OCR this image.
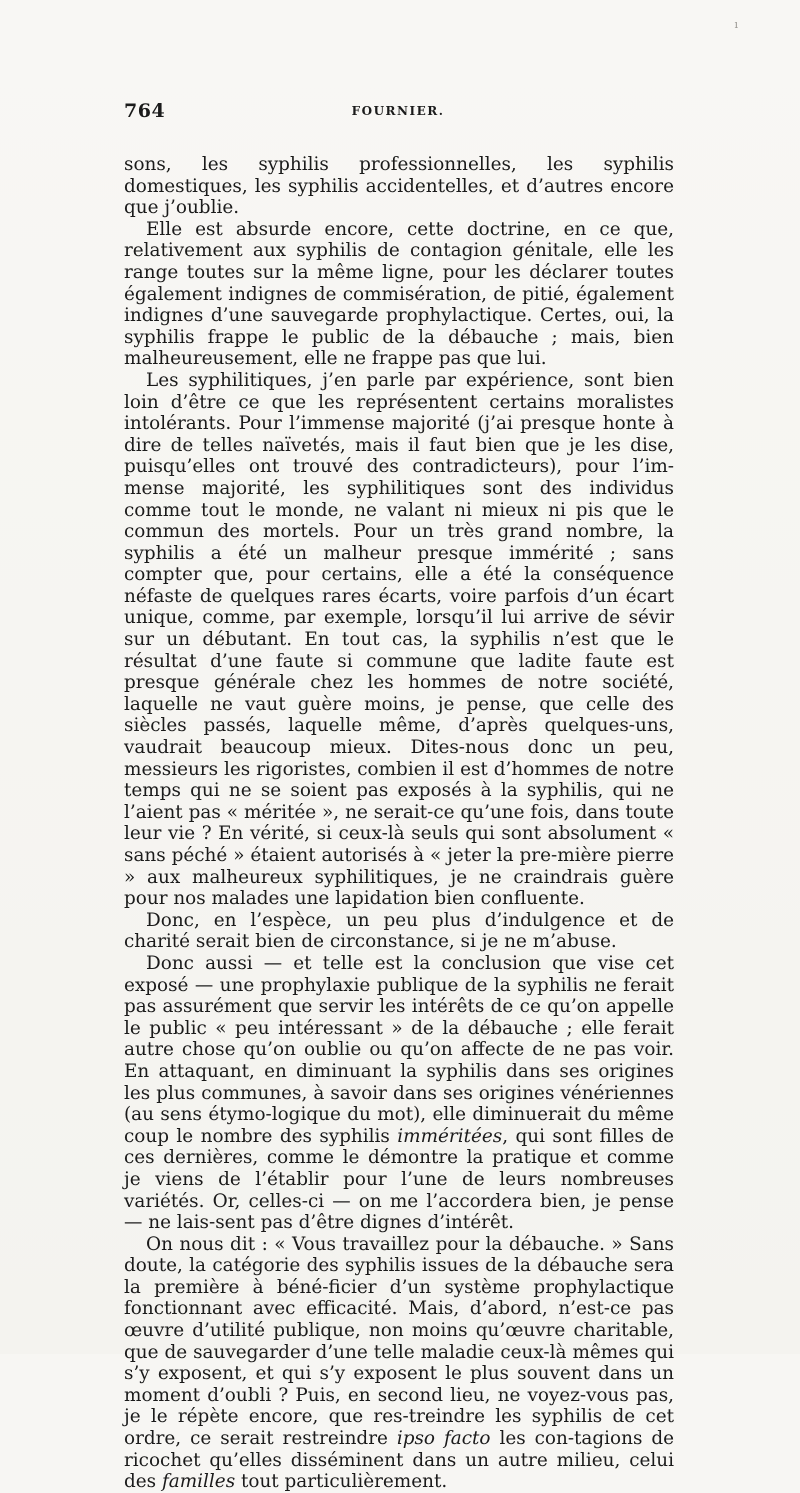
ı
764	FOURNIER.

sons, les syphilis professionnelles, les syphilis domestiques, les syphilis accidentelles, et d’autres encore que j’oublie.

Elle est absurde encore, cette doctrine, en ce que, relativement aux syphilis de contagion génitale, elle les range toutes sur la même ligne, pour les déclarer toutes également indignes de commisération, de pitié, également indignes d’une sauvegarde prophylactique. Certes, oui, la syphilis frappe le public de la débauche ; mais, bien malheureusement, elle ne frappe pas que lui.

Les syphilitiques, j’en parle par expérience, sont bien loin d’être ce que les représentent certains moralistes intolérants. Pour l’immense majorité (j’ai presque honte à dire de telles naïvetés, mais il faut bien que je les dise, puisqu’elles ont trouvé des contradicteurs), pour l’im-mense majorité, les syphilitiques sont des individus comme tout le monde, ne valant ni mieux ni pis que le commun des mortels. Pour un très grand nombre, la syphilis a été un malheur presque immérité ; sans compter que, pour certains, elle a été la conséquence néfaste de quelques rares écarts, voire parfois d’un écart unique, comme, par exemple, lorsqu’il lui arrive de sévir sur un débutant. En tout cas, la syphilis n’est que le résultat d’une faute si commune que ladite faute est presque générale chez les hommes de notre société, laquelle ne vaut guère moins, je pense, que celle des siècles passés, laquelle même, d’après quelques-uns, vaudrait beaucoup mieux. Dites-nous donc un peu, messieurs les rigoristes, combien il est d’hommes de notre temps qui ne se soient pas exposés à la syphilis, qui ne l’aient pas « méritée », ne serait-ce qu’une fois, dans toute leur vie ? En vérité, si ceux-là seuls qui sont absolument « sans péché » étaient autorisés à « jeter la pre-mière pierre » aux malheureux syphilitiques, je ne craindrais guère pour nos malades une lapidation bien confluente.

Donc, en l’espèce, un peu plus d’indulgence et de charité serait bien de circonstance, si je ne m’abuse.

Donc aussi — et telle est la conclusion que vise cet exposé — une prophylaxie publique de la syphilis ne ferait pas assurément que servir les intérêts de ce qu’on appelle le public « peu intéressant » de la débauche ; elle ferait autre chose qu’on oublie ou qu’on affecte de ne pas voir. En attaquant, en diminuant la syphilis dans ses origines les plus communes, à savoir dans ses origines vénériennes (au sens étymo-logique du mot), elle diminuerait du même coup le nombre des syphilis imméritées, qui sont filles de ces dernières, comme le démontre la pratique et comme je viens de l’établir pour l’une de leurs nombreuses variétés. Or, celles-ci — on me l’accordera bien, je pense — ne lais-sent pas d’être dignes d’intérêt.

On nous dit : « Vous travaillez pour la débauche. » Sans doute, la catégorie des syphilis issues de la débauche sera la première à béné-ficier d’un système prophylactique fonctionnant avec efficacité. Mais, d’abord, n’est-ce pas œuvre d’utilité publique, non moins qu’œuvre charitable, que de sauvegarder d’une telle maladie ceux-là mêmes qui s’y exposent, et qui s’y exposent le plus souvent dans un moment d’oubli ? Puis, en second lieu, ne voyez-vous pas, je le répète encore, que res-treindre les syphilis de cet ordre, ce serait restreindre ipso facto les con-tagions de ricochet qu’elles disséminent dans un autre milieu, celui des familles tout particulièrement.
